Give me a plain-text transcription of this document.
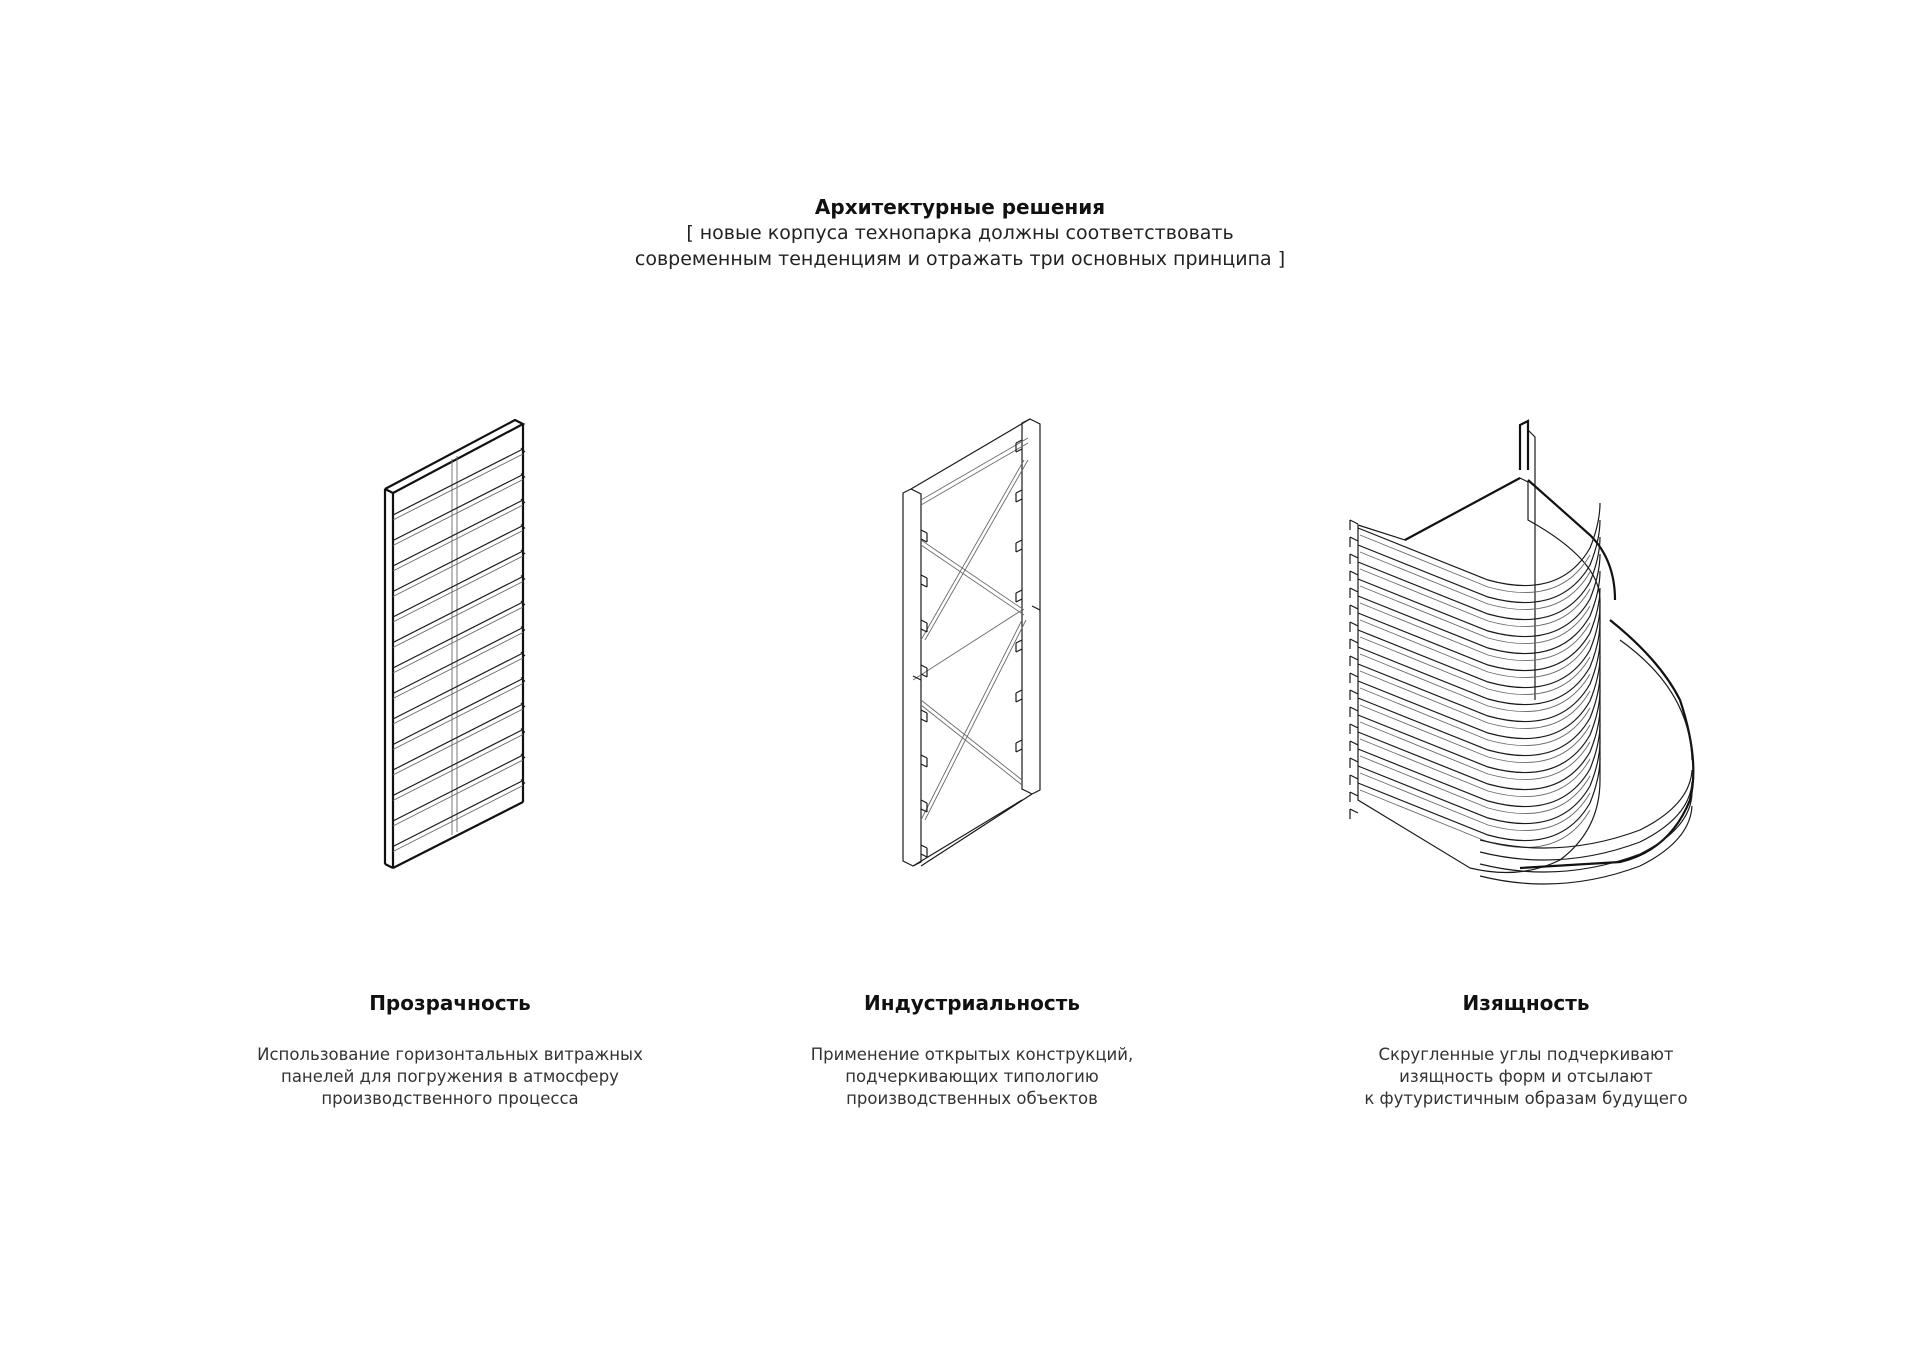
Архитектурные решения
[ новые корпуса технопарка должны соответствовать
современным тенденциям и отражать три основных принципа ]
Прозрачность
Использование горизонтальных витражных
панелей для погружения в атмосферу
производственного процесса
Индустриальность
Применение открытых конструкций,
подчеркивающих типологию
производственных объектов
Изящность
Скругленные углы подчеркивают
изящность форм и отсылают
к футуристичным образам будущего
